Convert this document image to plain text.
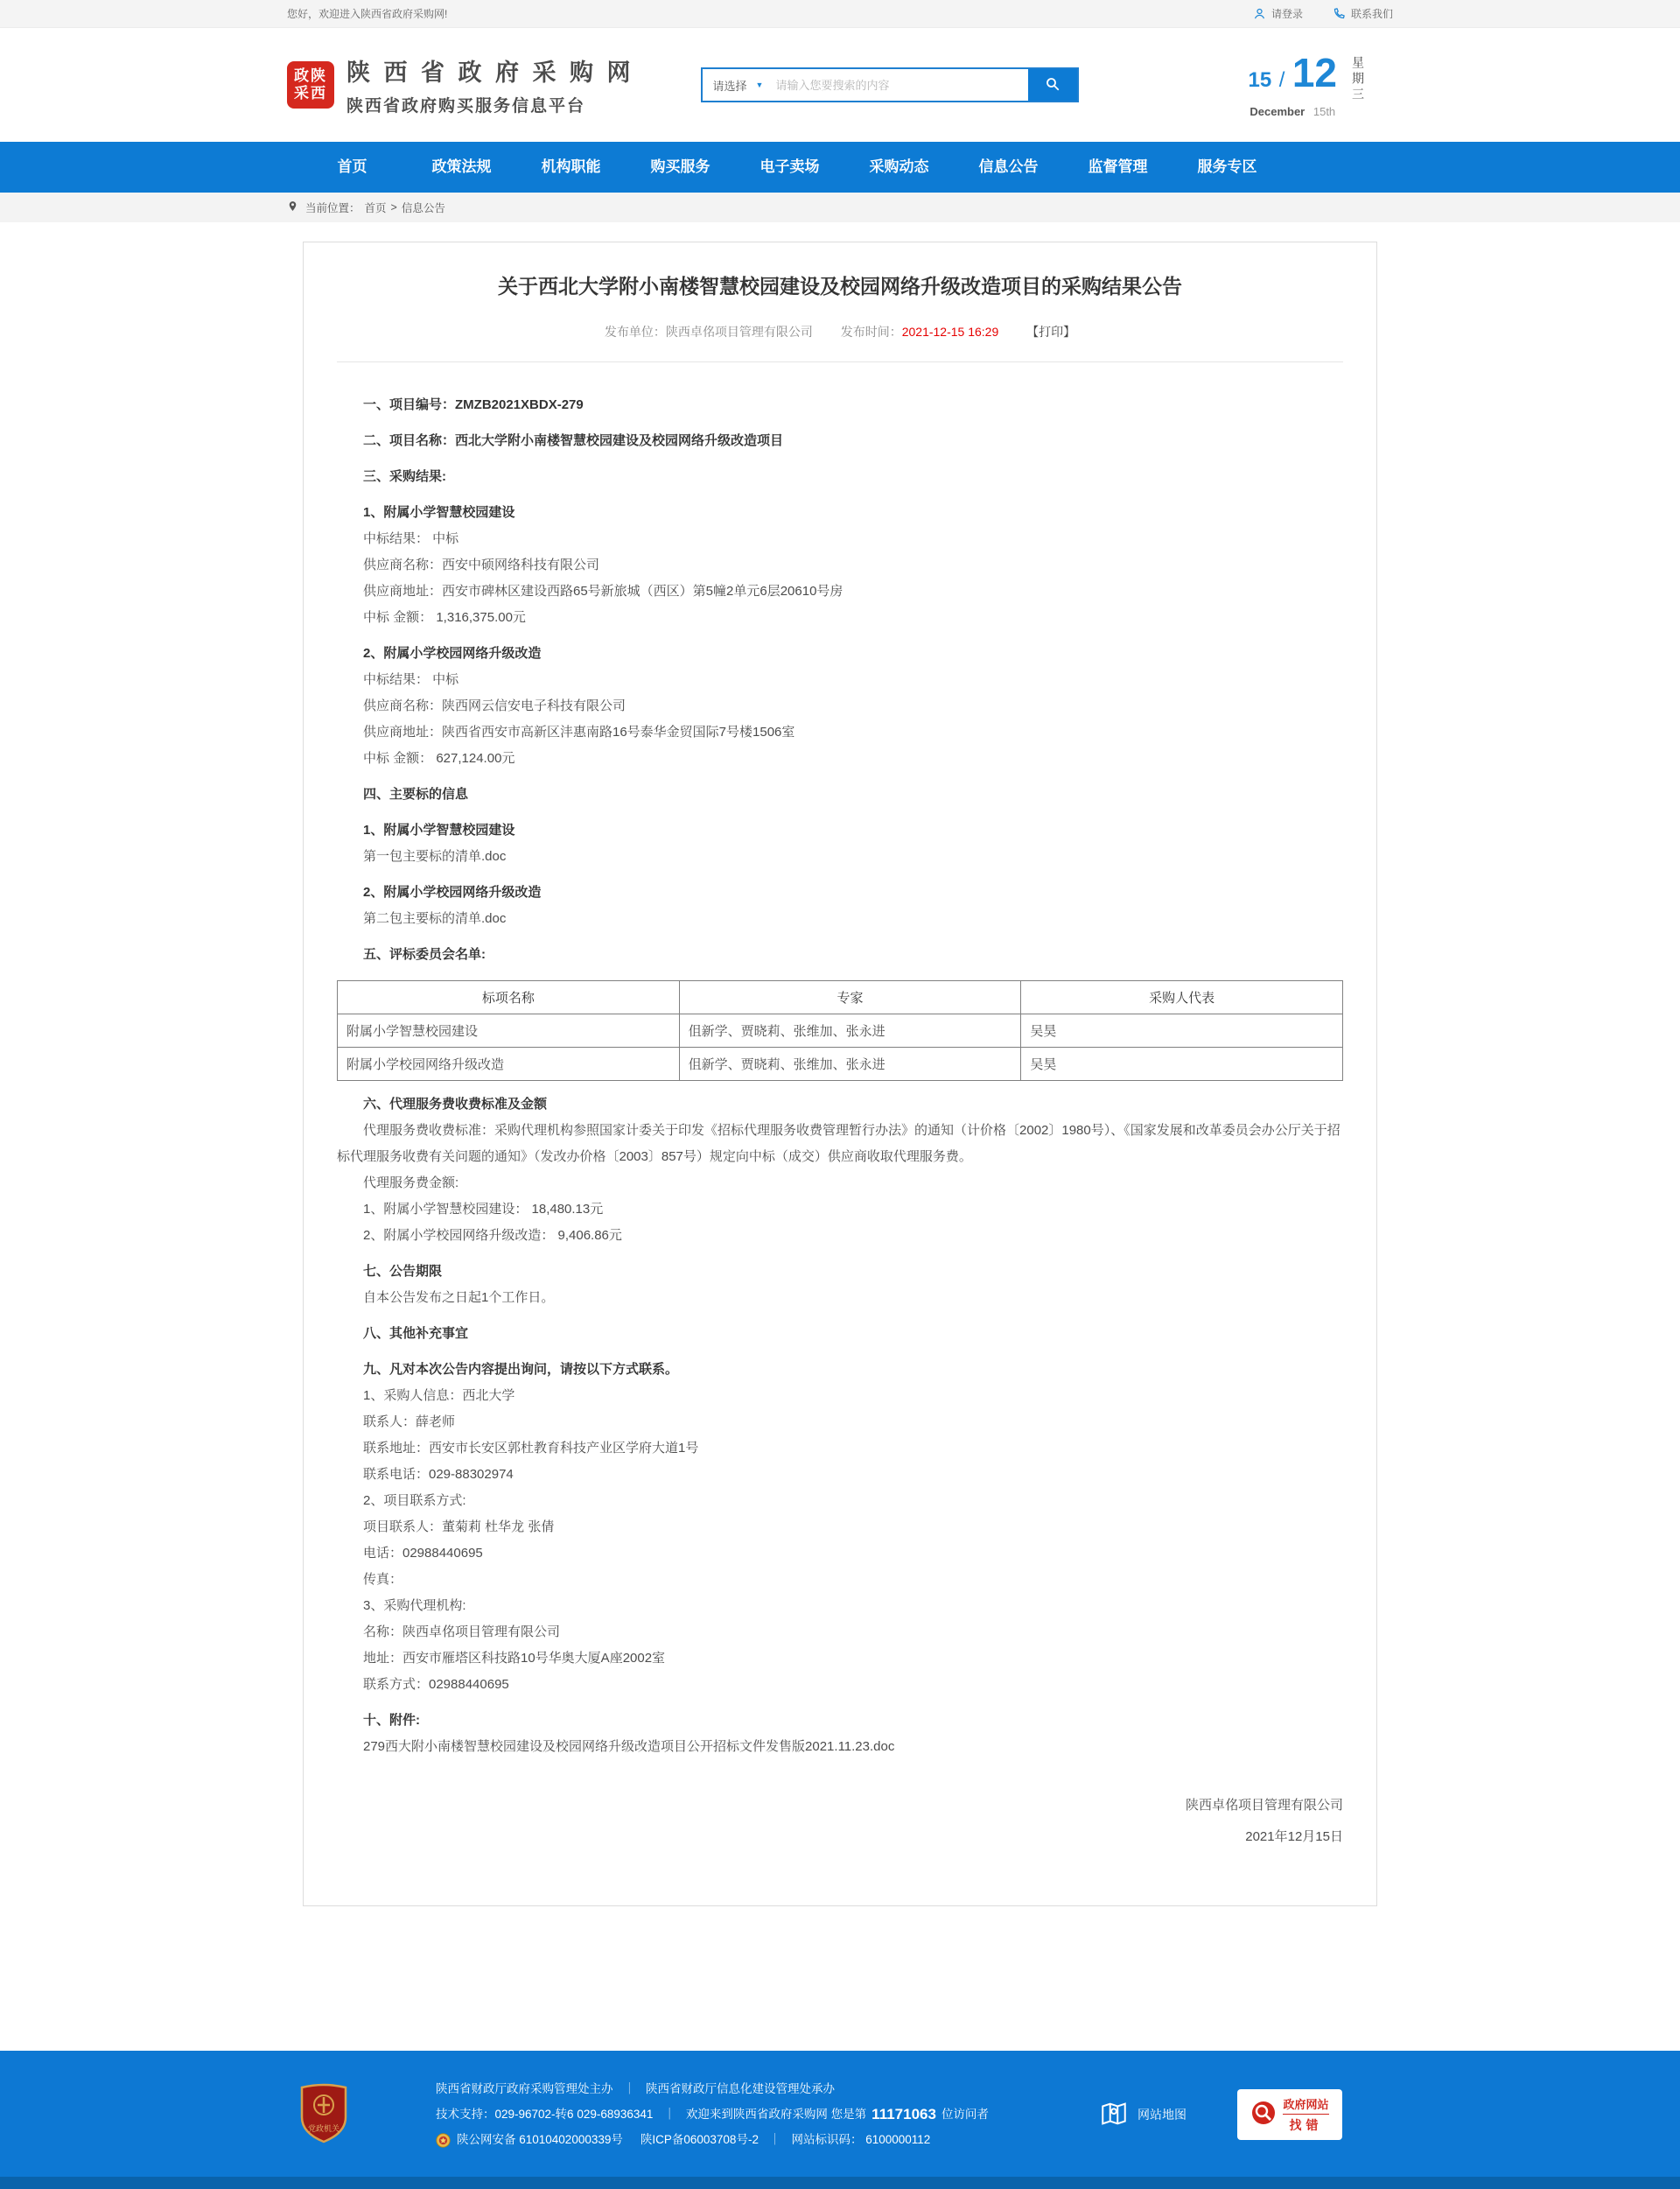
您好，欢迎进入陕西省政府采购网!	请登录	联系我们
政陕
采西
陕 西 省 政 府 采 购 网
陕西省政府购买服务信息平台
请选择 ▼
请输入您要搜索的内容	15 / 12
December 15th
星期三
首页	政策法规	机构职能	购买服务	电子卖场	采购动态	信息公告	监督管理	服务专区
当前位置： 首页 > 信息公告
关于西北大学附小南楼智慧校园建设及校园网络升级改造项目的采购结果公告
发布单位：陕西卓佲项目管理有限公司 发布时间：2021-12-15 16:29 【打印】

一、项目编号：ZMZB2021XBDX-279

二、项目名称：西北大学附小南楼智慧校园建设及校园网络升级改造项目

三、采购结果:

1、附属小学智慧校园建设

中标结果： 中标

供应商名称：西安中硕网络科技有限公司

供应商地址：西安市碑林区建设西路65号新旅城（西区）第5幢2单元6层20610号房

中标 金额： 1,316,375.00元

2、附属小学校园网络升级改造

中标结果： 中标

供应商名称：陕西网云信安电子科技有限公司

供应商地址：陕西省西安市高新区沣惠南路16号泰华金贸国际7号楼1506室

中标 金额： 627,124.00元

四、主要标的信息

1、附属小学智慧校园建设

第一包主要标的清单.doc

2、附属小学校园网络升级改造

第二包主要标的清单.doc

五、评标委员会名单:

标项名称	专家	采购人代表
附属小学智慧校园建设	伹新学、贾晓莉、张维加、张永进	吴昊
附属小学校园网络升级改造	伹新学、贾晓莉、张维加、张永进	吴昊

六、代理服务费收费标准及金额

代理服务费收费标准：采购代理机构参照国家计委关于印发《招标代理服务收费管理暂行办法》的通知（计价格〔2002〕1980号）、《国家发展和改革委员会办公厅关于招标代理服务收费有关问题的通知》（发改办价格〔2003〕857号）规定向中标（成交）供应商收取代理服务费。

代理服务费金额:

1、附属小学智慧校园建设： 18,480.13元

2、附属小学校园网络升级改造： 9,406.86元

七、公告期限

自本公告发布之日起1个工作日。

八、其他补充事宜

九、凡对本次公告内容提出询问，请按以下方式联系。

1、采购人信息：西北大学

联系人：薛老师

联系地址：西安市长安区郭杜教育科技产业区学府大道1号

联系电话：029-88302974

2、项目联系方式:

项目联系人：董菊莉 杜华龙 张倩

电话：02988440695

传真：

3、采购代理机构:

名称：陕西卓佲项目管理有限公司

地址：西安市雁塔区科技路10号华奥大厦A座2002室

联系方式：02988440695

十、附件:

279西大附小南楼智慧校园建设及校园网络升级改造项目公开招标文件发售版2021.11.23.doc

陕西卓佲项目管理有限公司
2021年12月15日
党政机关
陕西省财政厅政府采购管理处主办 ｜ 陕西省财政厅信息化建设管理处承办
技术支持：029-96702-转6 029-68936341 ｜ 欢迎来到陕西省政府采购网 您是第 11171063 位访问者
陕公网安备 61010402000339号 陕ICP备06003708号-2 ｜ 网站标识码： 6100000112
网站地图
政府网站
找错
